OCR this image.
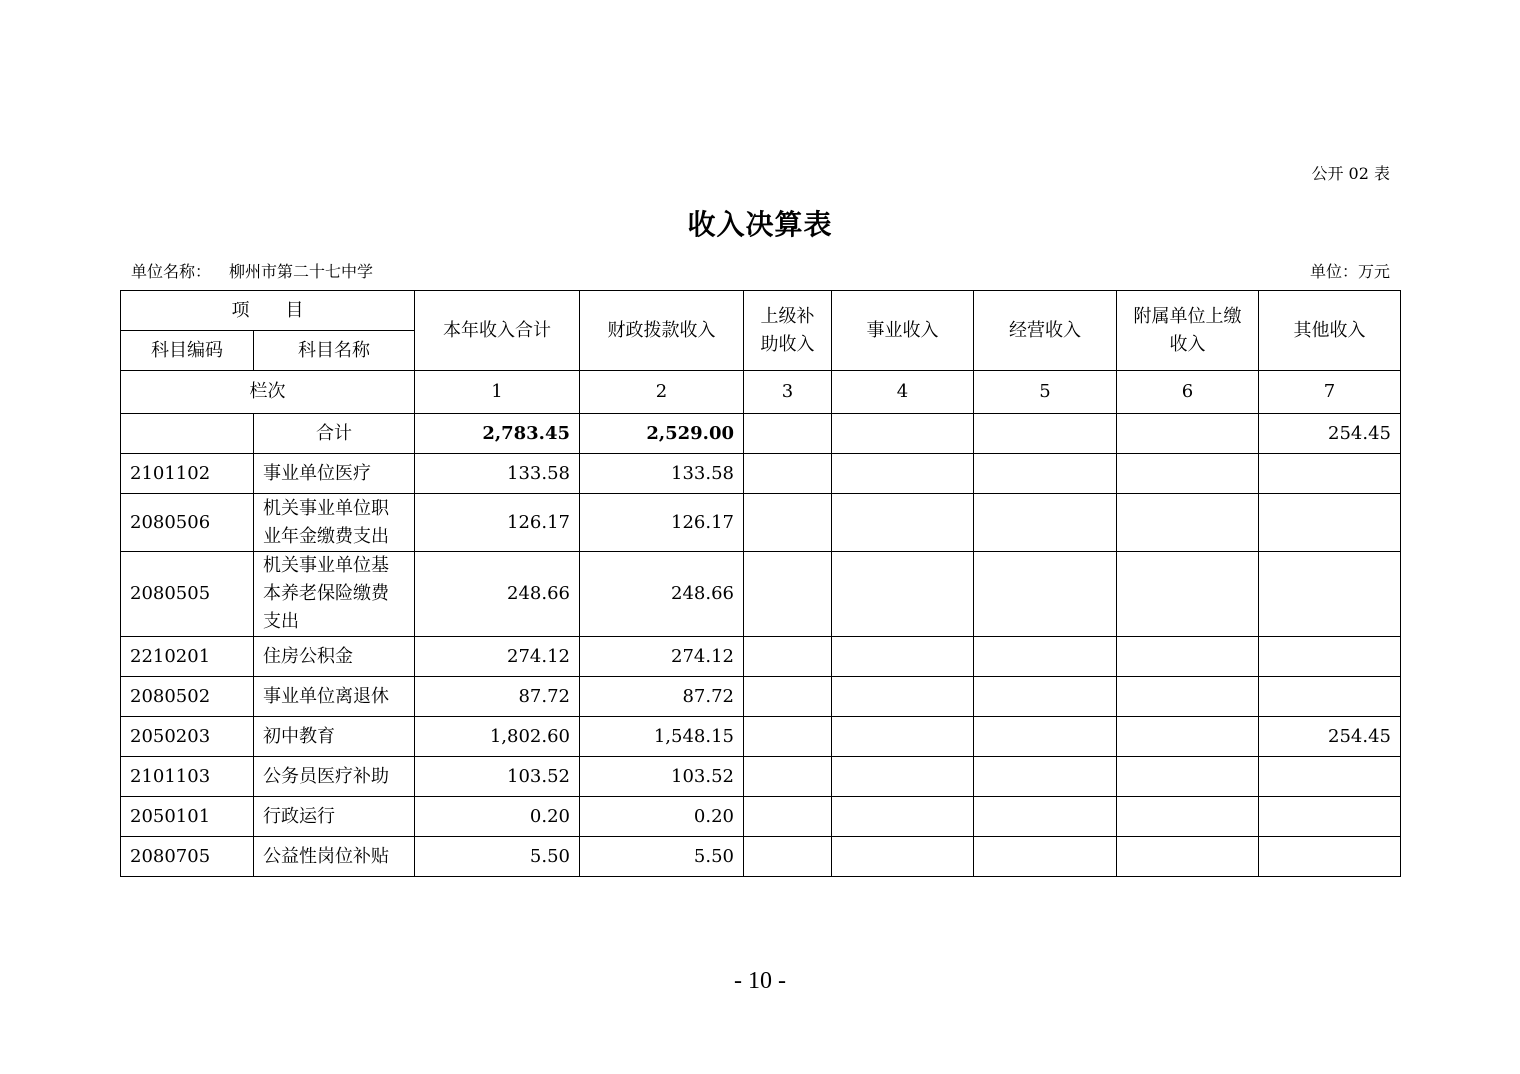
公开 02 表
收入决算表
单位名称： 柳州市第二十七中学	单位：万元
项　　目		本年收入合计	财政拨款收入	上级补助收入	事业收入	经营收入	附属单位上缴收入	其他收入
科目编码	科目名称							
栏次		1	2	3	4	5	6	7
	合计	2,783.45	2,529.00					254.45
2101102	事业单位医疗	133.58	133.58					
2080506	机关事业单位职业年金缴费支出	126.17	126.17					
2080505	机关事业单位基本养老保险缴费支出	248.66	248.66					
2210201	住房公积金	274.12	274.12					
2080502	事业单位离退休	87.72	87.72					
2050203	初中教育	1,802.60	1,548.15					254.45
2101103	公务员医疗补助	103.52	103.52					
2050101	行政运行	0.20	0.20					
2080705	公益性岗位补贴	5.50	5.50					
- 10 -
